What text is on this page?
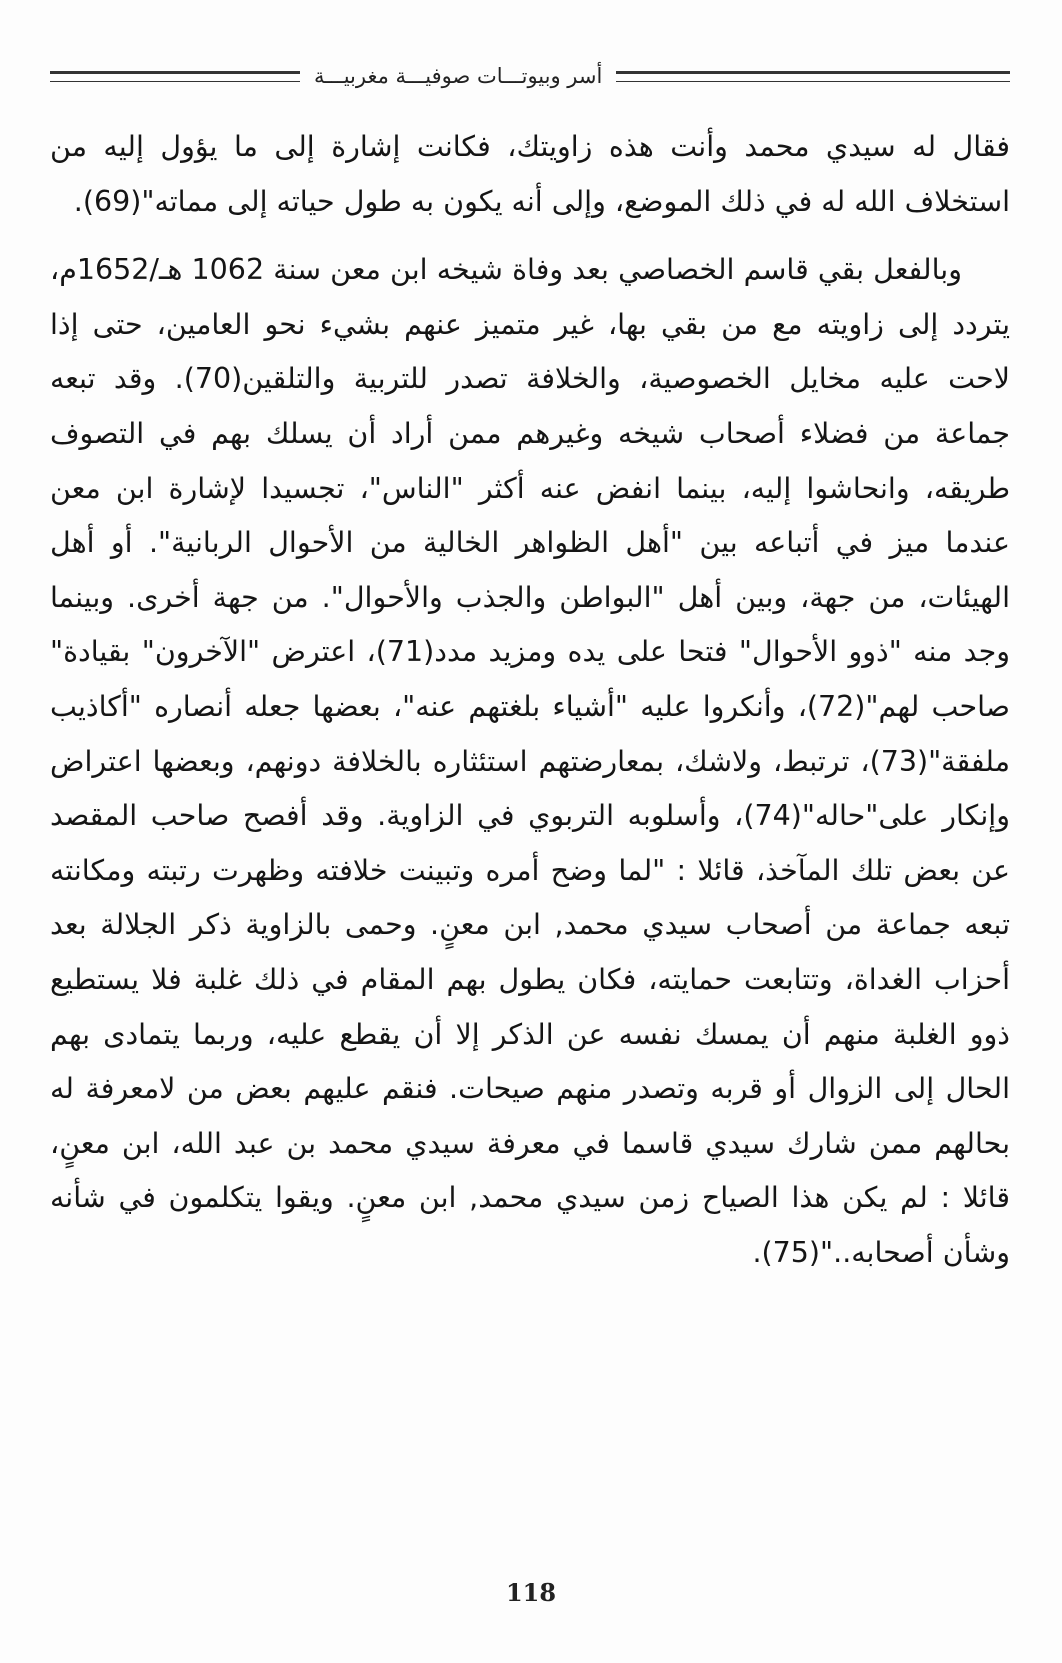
أسر وبيوتـــات صوفيـــة مغربيـــة

فقال له سيدي محمد وأنت هذه زاويتك، فكانت إشارة إلى ما يؤول إليه من استخلاف الله له في ذلك الموضع، وإلى أنه يكون به طول حياته إلى مماته"(69).

وبالفعل بقي قاسم الخصاصي بعد وفاة شيخه ابن معن سنة 1062 هـ/1652م، يتردد إلى زاويته مع من بقي بها، غير متميز عنهم بشيء نحو العامين، حتى إذا لاحت عليه مخايل الخصوصية، والخلافة تصدر للتربية والتلقين(70). وقد تبعه جماعة من فضلاء أصحاب شيخه وغيرهم ممن أراد أن يسلك بهم في التصوف طريقه، وانحاشوا إليه، بينما انفض عنه أكثر "الناس"، تجسيدا لإشارة ابن معن عندما ميز في أتباعه بين "أهل الظواهر الخالية من الأحوال الربانية". أو أهل الهيئات، من جهة، وبين أهل "البواطن والجذب والأحوال". من جهة أخرى. وبينما وجد منه "ذوو الأحوال" فتحا على يده ومزيد مدد(71)، اعترض "الآخرون" بقيادة" صاحب لهم"(72)، وأنكروا عليه "أشياء بلغتهم عنه"، بعضها جعله أنصاره "أكاذيب ملفقة"(73)، ترتبط، ولاشك، بمعارضتهم استئثاره بالخلافة دونهم، وبعضها اعتراض وإنكار على"حاله"(74)، وأسلوبه التربوي في الزاوية. وقد أفصح صاحب المقصد عن بعض تلك المآخذ، قائلا : "لما وضح أمره وتبينت خلافته وظهرت رتبته ومكانته تبعه جماعة من أصحاب سيدي محمد, ابن معنٍ. وحمى بالزاوية ذكر الجلالة بعد أحزاب الغداة، وتتابعت حمايته، فكان يطول بهم المقام في ذلك غلبة فلا يستطيع ذوو الغلبة منهم أن يمسك نفسه عن الذكر إلا أن يقطع عليه، وربما يتمادى بهم الحال إلى الزوال أو قربه وتصدر منهم صيحات. فنقم عليهم بعض من لامعرفة له بحالهم ممن شارك سيدي قاسما في معرفة سيدي محمد بن عبد الله، ابن معنٍ، قائلا : لم يكن هذا الصياح زمن سيدي محمد, ابن معنٍ. ويقوا يتكلمون في شأنه وشأن أصحابه.."(75).

118
